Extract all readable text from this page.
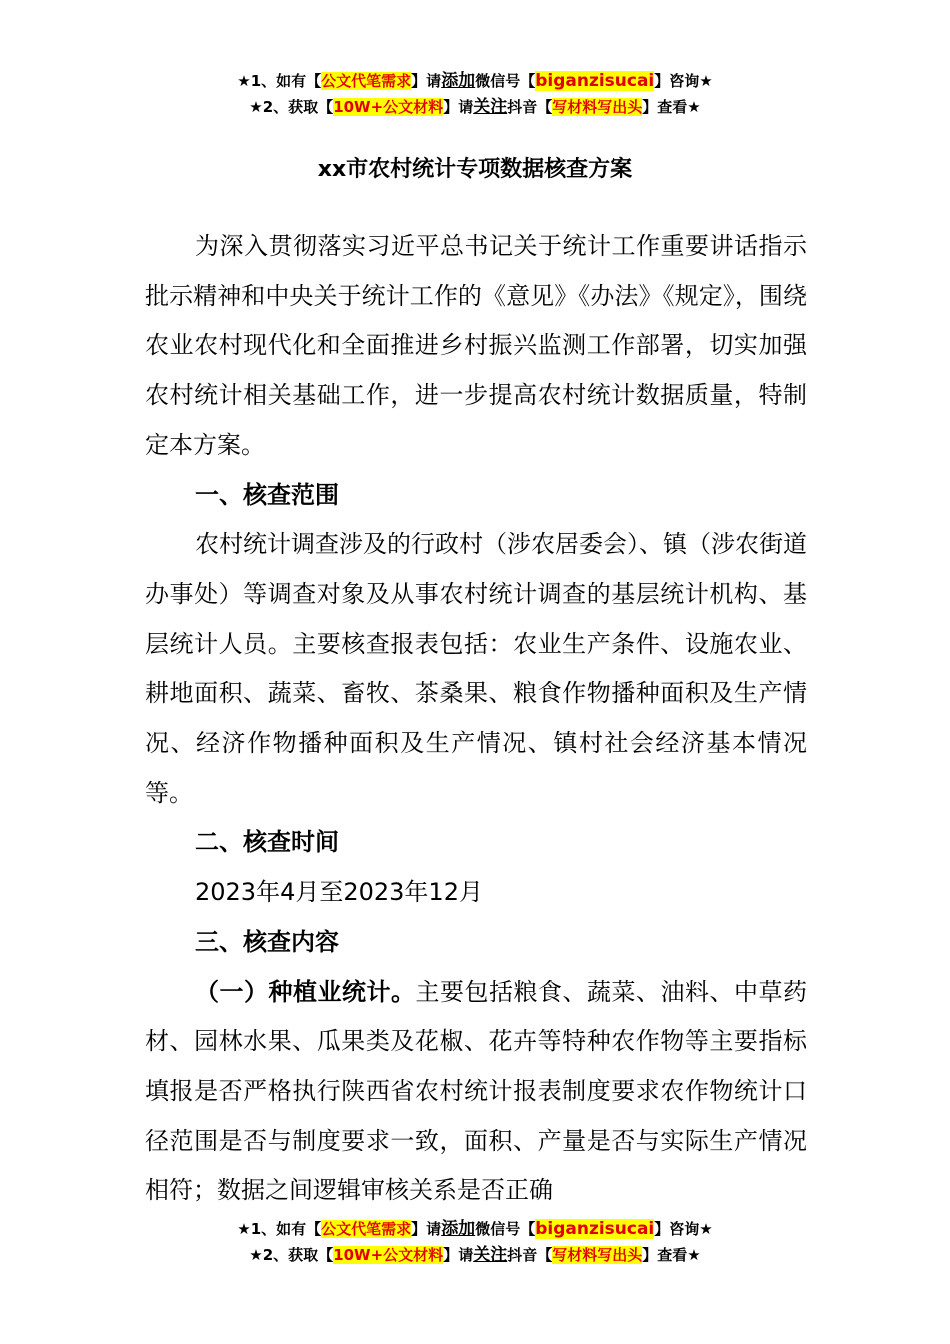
★1、如有【公文代笔需求】请添加微信号【biganzisucai】咨询★
★2、获取【10W+公文材料】请关注抖音【写材料写出头】查看★
xx市农村统计专项数据核查方案

为深入贯彻落实习近平总书记关于统计工作重要讲话指示批示精神和中央关于统计工作的《意见》《办法》《规定》，围绕农业农村现代化和全面推进乡村振兴监测工作部署，切实加强农村统计相关基础工作，进一步提高农村统计数据质量，特制定本方案。

一、核查范围

农村统计调查涉及的行政村（涉农居委会）、镇（涉农街道办事处）等调查对象及从事农村统计调查的基层统计机构、基层统计人员。主要核查报表包括：农业生产条件、设施农业、耕地面积、蔬菜、畜牧、茶桑果、粮食作物播种面积及生产情况、经济作物播种面积及生产情况、镇村社会经济基本情况等。

二、核查时间

2023年4月至2023年12月

三、核查内容

（一）种植业统计。主要包括粮食、蔬菜、油料、中草药材、园林水果、瓜果类及花椒、花卉等特种农作物等主要指标填报是否严格执行陕西省农村统计报表制度要求农作物统计口径范围是否与制度要求一致，面积、产量是否与实际生产情况相符；数据之间逻辑审核关系是否正确

★1、如有【公文代笔需求】请添加微信号【biganzisucai】咨询★
★2、获取【10W+公文材料】请关注抖音【写材料写出头】查看★
